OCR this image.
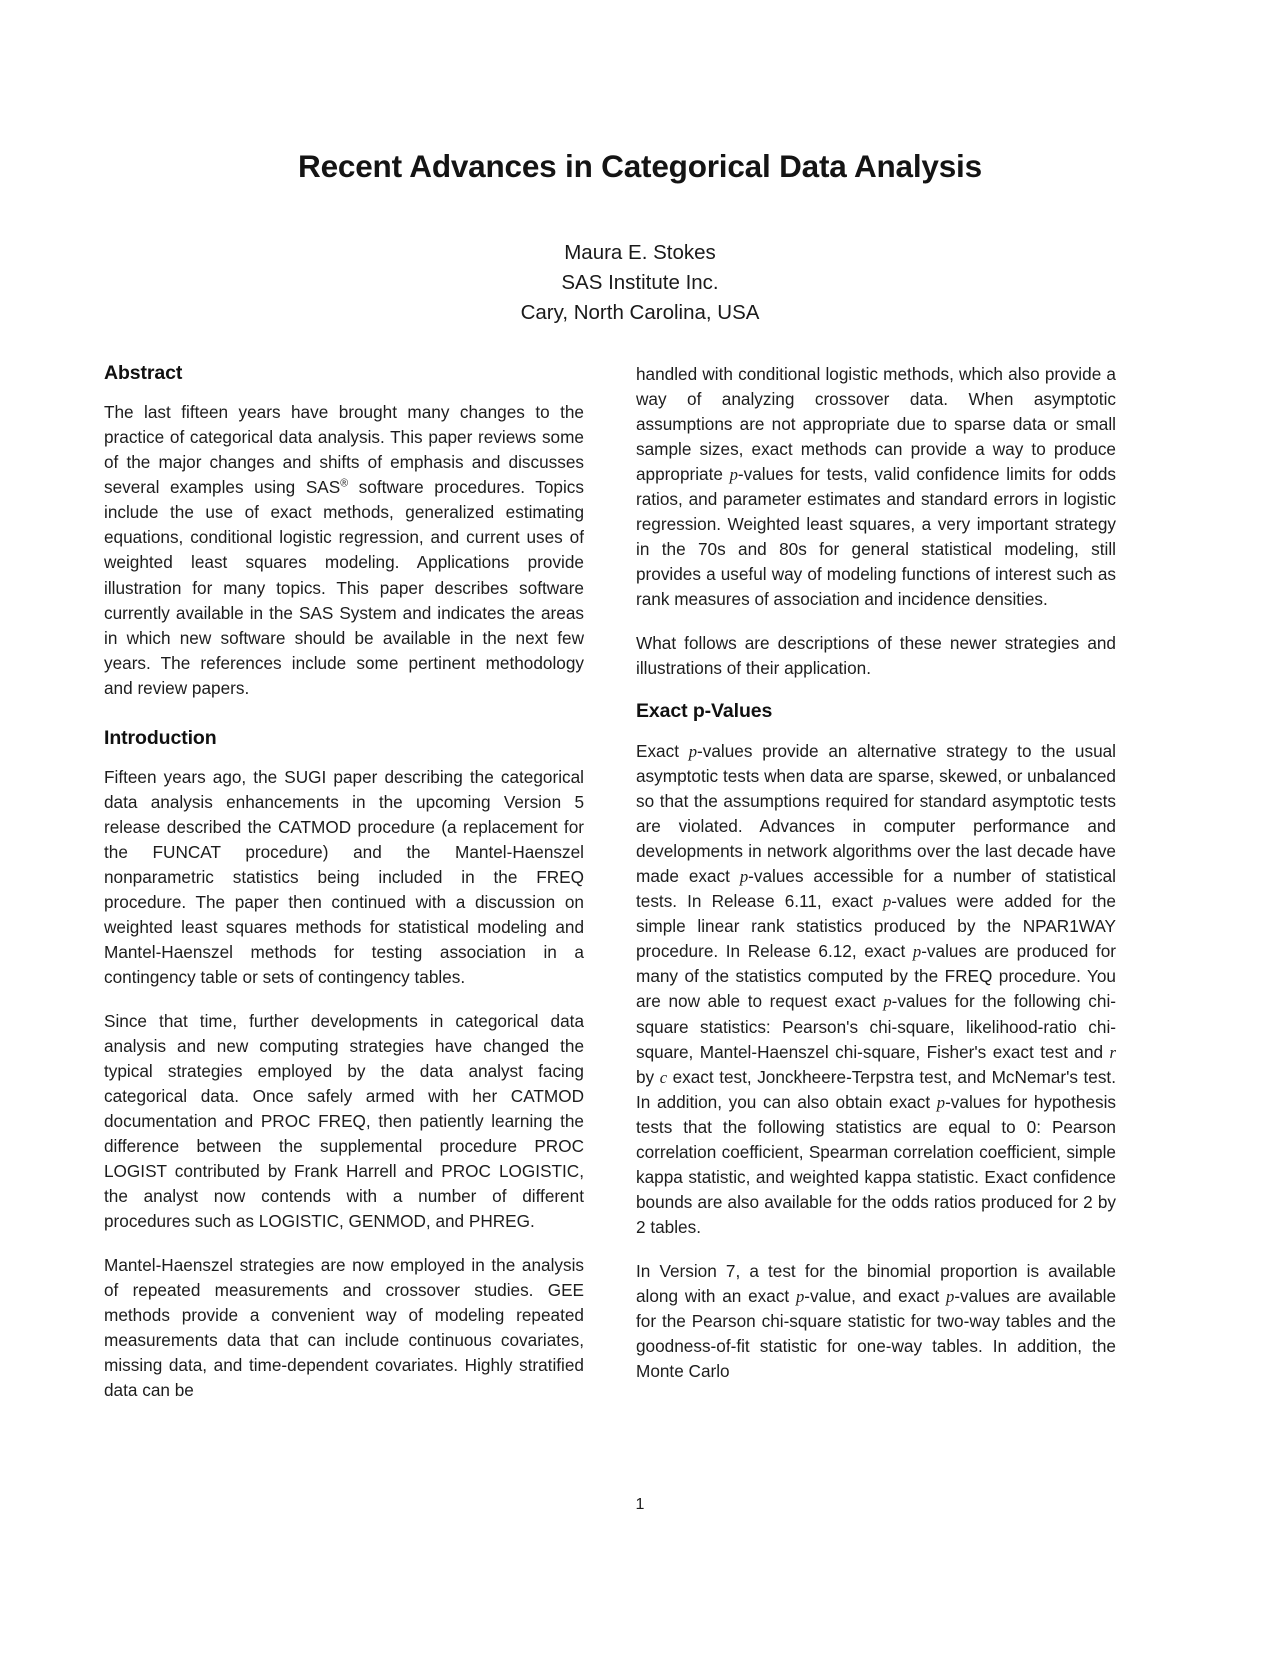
Recent Advances in Categorical Data Analysis
Maura E. Stokes
SAS Institute Inc.
Cary, North Carolina, USA
Abstract

The last fifteen years have brought many changes to the practice of categorical data analysis. This paper reviews some of the major changes and shifts of emphasis and discusses several examples using SAS® software procedures. Topics include the use of exact methods, generalized estimating equations, conditional logistic regression, and current uses of weighted least squares modeling. Applications provide illustration for many topics. This paper describes software currently available in the SAS System and indicates the areas in which new software should be available in the next few years. The references include some pertinent methodology and review papers.

Introduction

Fifteen years ago, the SUGI paper describing the categorical data analysis enhancements in the upcoming Version 5 release described the CATMOD procedure (a replacement for the FUNCAT procedure) and the Mantel-Haenszel nonparametric statistics being included in the FREQ procedure. The paper then continued with a discussion on weighted least squares methods for statistical modeling and Mantel-Haenszel methods for testing association in a contingency table or sets of contingency tables.

Since that time, further developments in categorical data analysis and new computing strategies have changed the typical strategies employed by the data analyst facing categorical data. Once safely armed with her CATMOD documentation and PROC FREQ, then patiently learning the difference between the supplemental procedure PROC LOGIST contributed by Frank Harrell and PROC LOGISTIC, the analyst now contends with a number of different procedures such as LOGISTIC, GENMOD, and PHREG.

Mantel-Haenszel strategies are now employed in the analysis of repeated measurements and crossover studies. GEE methods provide a convenient way of modeling repeated measurements data that can include continuous covariates, missing data, and time-dependent covariates. Highly stratified data can be

handled with conditional logistic methods, which also provide a way of analyzing crossover data. When asymptotic assumptions are not appropriate due to sparse data or small sample sizes, exact methods can provide a way to produce appropriate p-values for tests, valid confidence limits for odds ratios, and parameter estimates and standard errors in logistic regression. Weighted least squares, a very important strategy in the 70s and 80s for general statistical modeling, still provides a useful way of modeling functions of interest such as rank measures of association and incidence densities.

What follows are descriptions of these newer strategies and illustrations of their application.

Exact p-Values

Exact p-values provide an alternative strategy to the usual asymptotic tests when data are sparse, skewed, or unbalanced so that the assumptions required for standard asymptotic tests are violated. Advances in computer performance and developments in network algorithms over the last decade have made exact p-values accessible for a number of statistical tests. In Release 6.11, exact p-values were added for the simple linear rank statistics produced by the NPAR1WAY procedure. In Release 6.12, exact p-values are produced for many of the statistics computed by the FREQ procedure. You are now able to request exact p-values for the following chi-square statistics: Pearson's chi-square, likelihood-ratio chi-square, Mantel-Haenszel chi-square, Fisher's exact test and r by c exact test, Jonckheere-Terpstra test, and McNemar's test. In addition, you can also obtain exact p-values for hypothesis tests that the following statistics are equal to 0: Pearson correlation coefficient, Spearman correlation coefficient, simple kappa statistic, and weighted kappa statistic. Exact confidence bounds are also available for the odds ratios produced for 2 by 2 tables.

In Version 7, a test for the binomial proportion is available along with an exact p-value, and exact p-values are available for the Pearson chi-square statistic for two-way tables and the goodness-of-fit statistic for one-way tables. In addition, the Monte Carlo

1
